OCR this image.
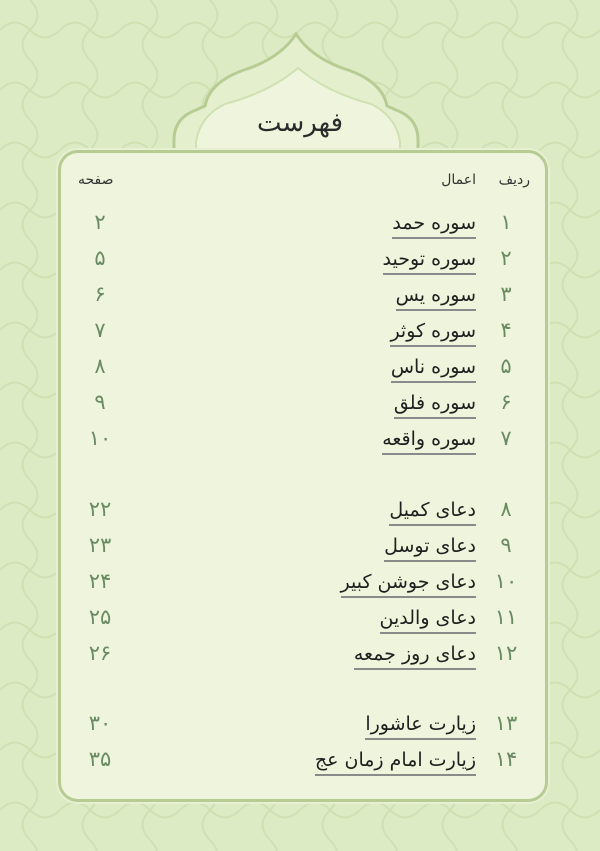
فهرست
ردیف
اعمال
صفحه
۱
سوره حمد
۲
۲
سوره توحید
۵
۳
سوره یس
۶
۴
سوره کوثر
۷
۵
سوره ناس
۸
۶
سوره فلق
۹
۷
سوره واقعه
۱۰
۸
دعای کمیل
۲۲
۹
دعای توسل
۲۳
۱۰
دعای جوشن کبیر
۲۴
۱۱
دعای والدین
۲۵
۱۲
دعای روز جمعه
۲۶
۱۳
زیارت عاشورا
۳۰
۱۴
زیارت امام زمان عج
۳۵
